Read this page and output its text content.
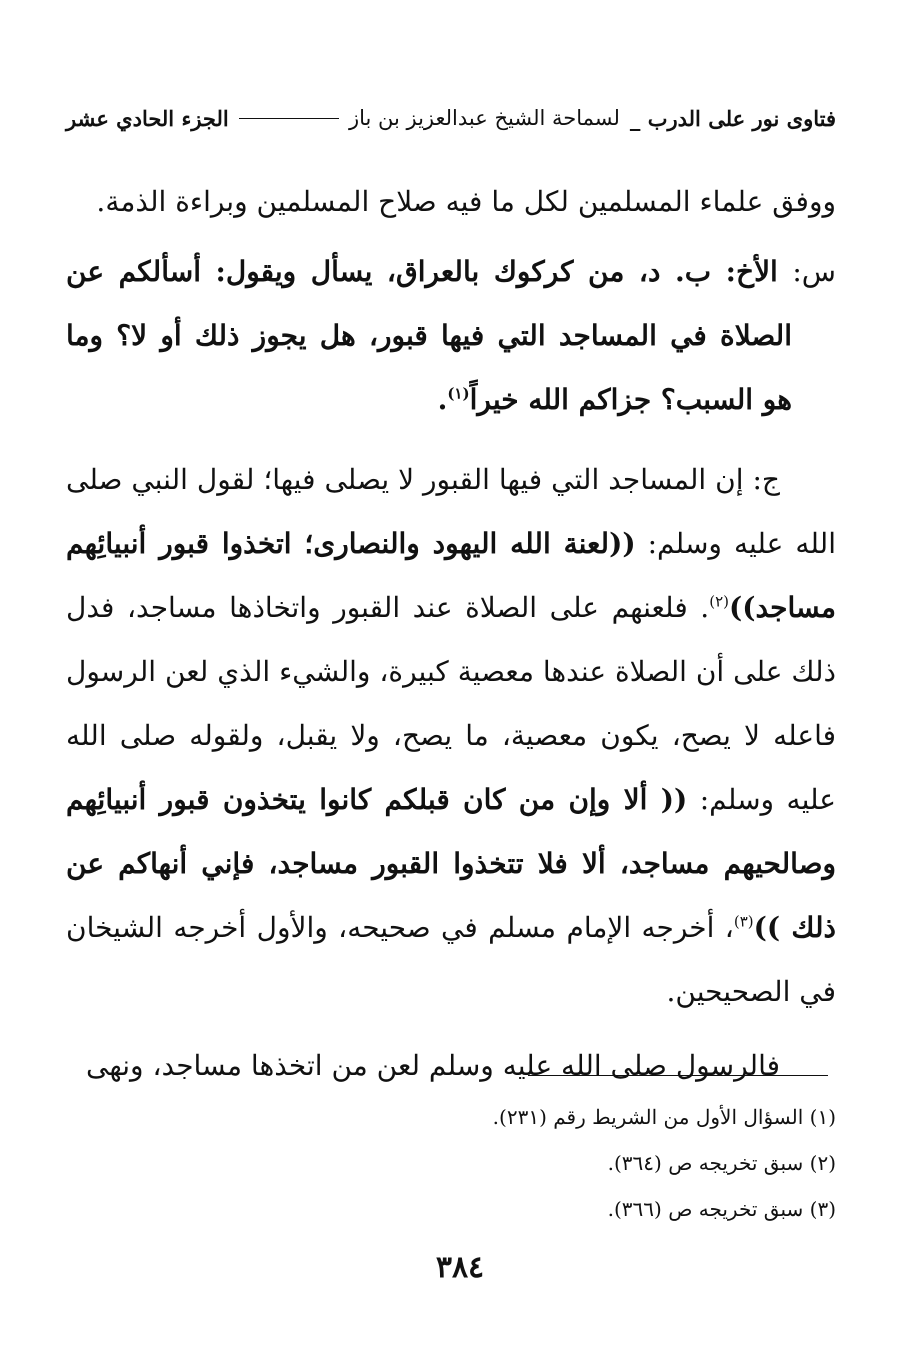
فتاوى نور على الدرب _
لسماحة الشيخ عبدالعزيز بن باز
الجزء الحادي عشر

ووفق علماء المسلمين لكل ما فيه صلاح المسلمين وبراءة الذمة.

س: الأخ: ب. د، من كركوك بالعراق، يسأل ويقول: أسألكم عن الصلاة في المساجد التي فيها قبور، هل يجوز ذلك أو لا؟ وما هو السبب؟ جزاكم الله خيراً$^{(١)}$.

ج: إن المساجد التي فيها القبور لا يصلى فيها؛ لقول النبي صلى الله عليه وسلم: ((لعنة الله اليهود والنصارى؛ اتخذوا قبور أنبيائِهم مساجد))$^{(٢)}$. فلعنهم على الصلاة عند القبور واتخاذها مساجد، فدل ذلك على أن الصلاة عندها معصية كبيرة، والشيء الذي لعن الرسول فاعله لا يصح، يكون معصية، ما يصح، ولا يقبل، ولقوله صلى الله عليه وسلم: (( ألا وإن من كان قبلكم كانوا يتخذون قبور أنبيائِهم وصالحيهم مساجد، ألا فلا تتخذوا القبور مساجد، فإني أنهاكم عن ذلك ))$^{(٣)}$، أخرجه الإمام مسلم في صحيحه، والأول أخرجه الشيخان في الصحيحين.

فالرسول صلى الله عليه وسلم لعن من اتخذها مساجد، ونهى

(١) السؤال الأول من الشريط رقم (٢٣١).

(٢) سبق تخريجه ص (٣٦٤).

(٣) سبق تخريجه ص (٣٦٦).

٣٨٤
